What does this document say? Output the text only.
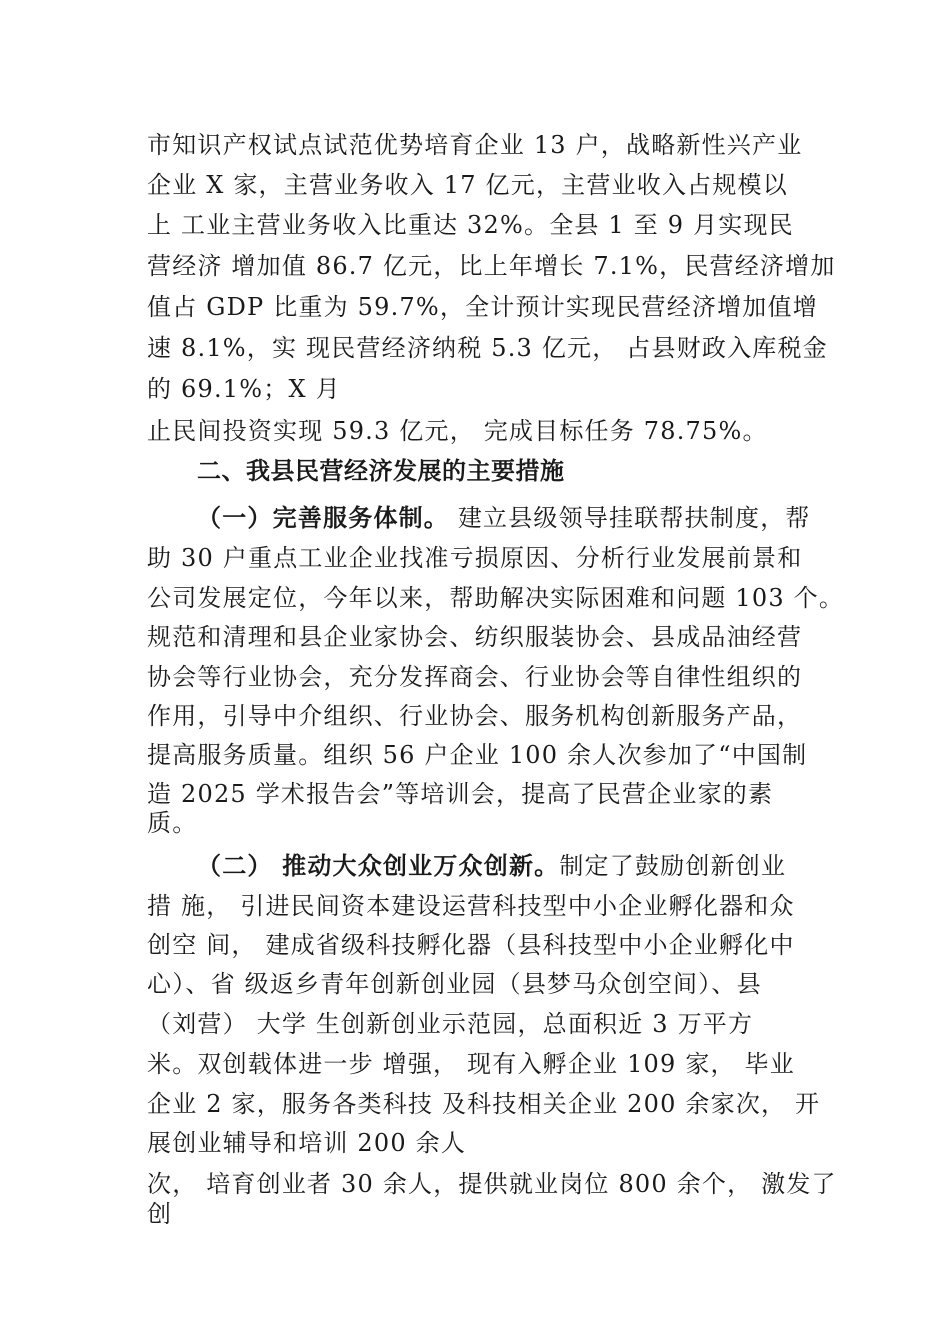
市知识产权试点试范优势培育企业 13 户，战略新性兴产业
企业 X 家，主营业务收入 17 亿元，主营业收入占规模以
上 工业主营业务收入比重达 32%。全县 1 至 9 月实现民
营经济 增加值 86.7 亿元，比上年增长 7.1%，民营经济增加
值占 GDP 比重为 59.7%，全计预计实现民营经济增加值增
速 8.1%，实 现民营经济纳税 5.3 亿元， 占县财政入库税金
的 69.1%；X 月
止民间投资实现 59.3 亿元， 完成目标任务 78.75%。
二、我县民营经济发展的主要措施
（一）完善服务体制。 建立县级领导挂联帮扶制度，帮
助 30 户重点工业企业找准亏损原因、分析行业发展前景和
公司发展定位，今年以来，帮助解决实际困难和问题 103 个。
规范和清理和县企业家协会、纺织服装协会、县成品油经营
协会等行业协会，充分发挥商会、行业协会等自律性组织的
作用，引导中介组织、行业协会、服务机构创新服务产品，
提高服务质量。组织 56 户企业 100 余人次参加了“中国制
造 2025 学术报告会”等培训会，提高了民营企业家的素
质。
（二） 推动大众创业万众创新。制定了鼓励创新创业
措 施， 引进民间资本建设运营科技型中小企业孵化器和众
创空 间， 建成省级科技孵化器（县科技型中小企业孵化中
心）、省 级返乡青年创新创业园（县梦马众创空间）、县
（刘营） 大学 生创新创业示范园，总面积近 3 万平方
米。双创载体进一步 增强， 现有入孵企业 109 家， 毕业
企业 2 家，服务各类科技 及科技相关企业 200 余家次， 开
展创业辅导和培训 200 余人
次， 培育创业者 30 余人，提供就业岗位 800 余个， 激发了
创
